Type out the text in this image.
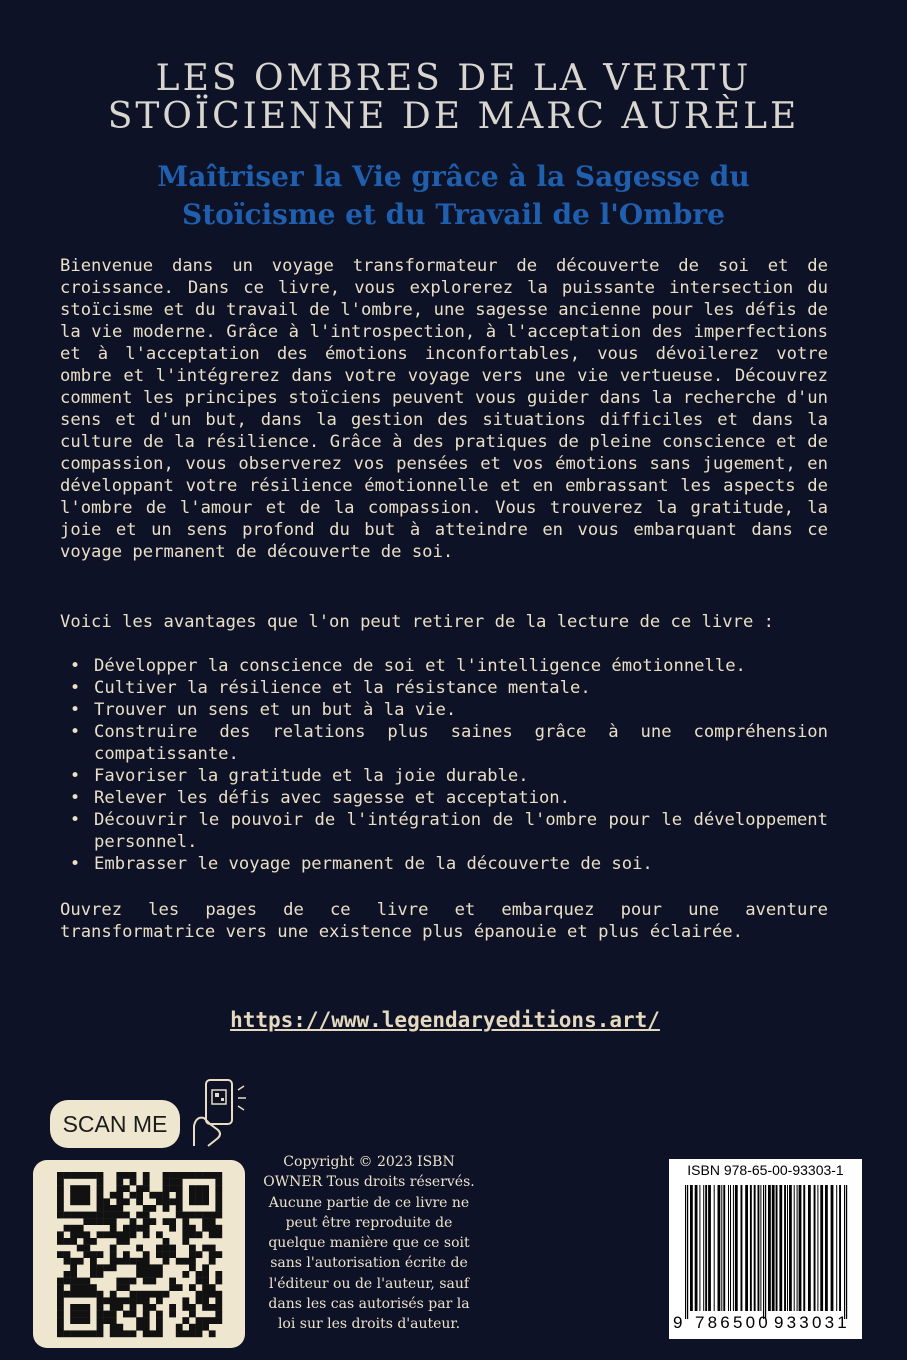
LES OMBRES DE LA VERTU
STOÏCIENNE DE MARC AURÈLE
Maîtriser la Vie grâce à la Sagesse du
Stoïcisme et du Travail de l'Ombre

Bienvenue dans un voyage transformateur de découverte de soi et de croissance. Dans ce livre, vous explorerez la puissante intersection du stoïcisme et du travail de l'ombre, une sagesse ancienne pour les défis de la vie moderne. Grâce à l'introspection, à l'acceptation des imperfections et à l'acceptation des émotions inconfortables, vous dévoilerez votre ombre et l'intégrerez dans votre voyage vers une vie vertueuse. Découvrez comment les principes stoïciens peuvent vous guider dans la recherche d'un sens et d'un but, dans la gestion des situations difficiles et dans la culture de la résilience. Grâce à des pratiques de pleine conscience et de compassion, vous observerez vos pensées et vos émotions sans jugement, en développant votre résilience émotionnelle et en embrassant les aspects de l'ombre de l'amour et de la compassion. Vous trouverez la gratitude, la joie et un sens profond du but à atteindre en vous embarquant dans ce voyage permanent de découverte de soi.

Voici les avantages que l'on peut retirer de la lecture de ce livre :

• Développer la conscience de soi et l'intelligence émotionnelle.
• Cultiver la résilience et la résistance mentale.
• Trouver un sens et un but à la vie.
• Construire des relations plus saines grâce à une compréhension compatissante.
• Favoriser la gratitude et la joie durable.
• Relever les défis avec sagesse et acceptation.
• Découvrir le pouvoir de l'intégration de l'ombre pour le développement personnel.
• Embrasser le voyage permanent de la découverte de soi.

Ouvrez les pages de ce livre et embarquez pour une aventure transformatrice vers une existence plus épanouie et plus éclairée.

https://www.legendaryeditions.art/
SCAN ME

Copyright © 2023 ISBN OWNER Tous droits réservés. Aucune partie de ce livre ne peut être reproduite de quelque manière que ce soit sans l'autorisation écrite de l'éditeur ou de l'auteur, sauf dans les cas autorisés par la loi sur les droits d'auteur.

ISBN 978-65-00-93303-1
9 786500 933031
